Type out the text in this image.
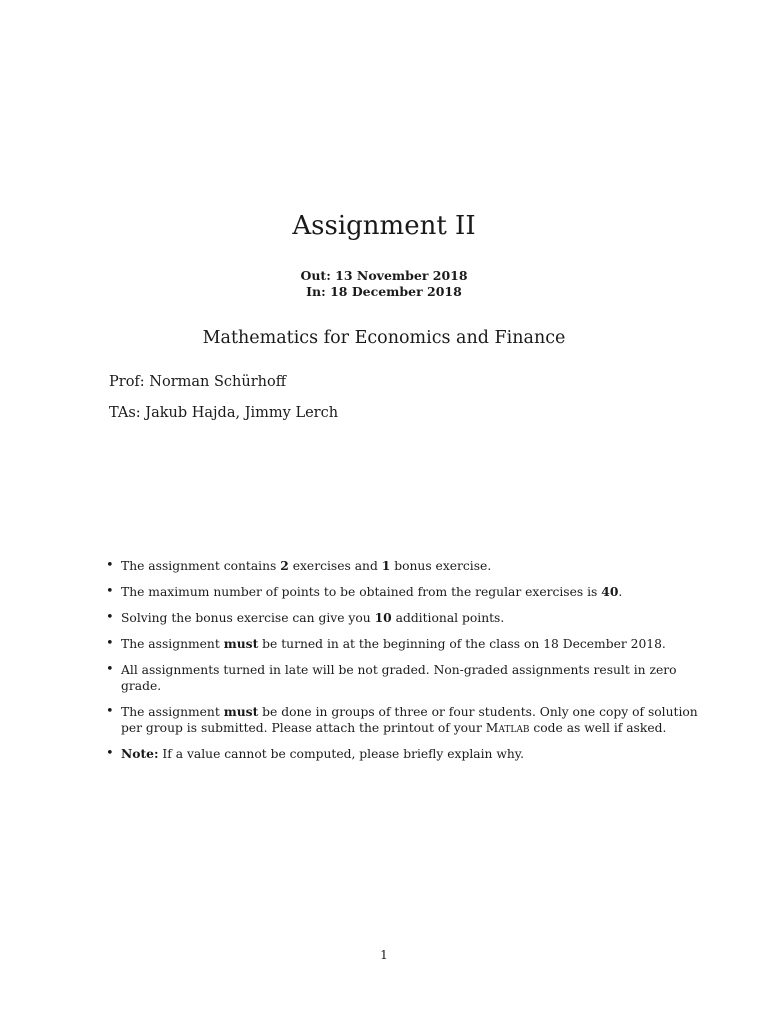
Assignment II
Out: 13 November 2018
In: 18 December 2018
Mathematics for Economics and Finance
Prof: Norman Schürhoff
TAs: Jakub Hajda, Jimmy Lerch
• The assignment contains 2 exercises and 1 bonus exercise.
• The maximum number of points to be obtained from the regular exercises is 40.
• Solving the bonus exercise can give you 10 additional points.
• The assignment must be turned in at the beginning of the class on 18 December 2018.
• All assignments turned in late will be not graded. Non-graded assignments result in zero grade.
• The assignment must be done in groups of three or four students. Only one copy of solution per group is submitted. Please attach the printout of your Matlab code as well if asked.
• Note: If a value cannot be computed, please briefly explain why.
1
